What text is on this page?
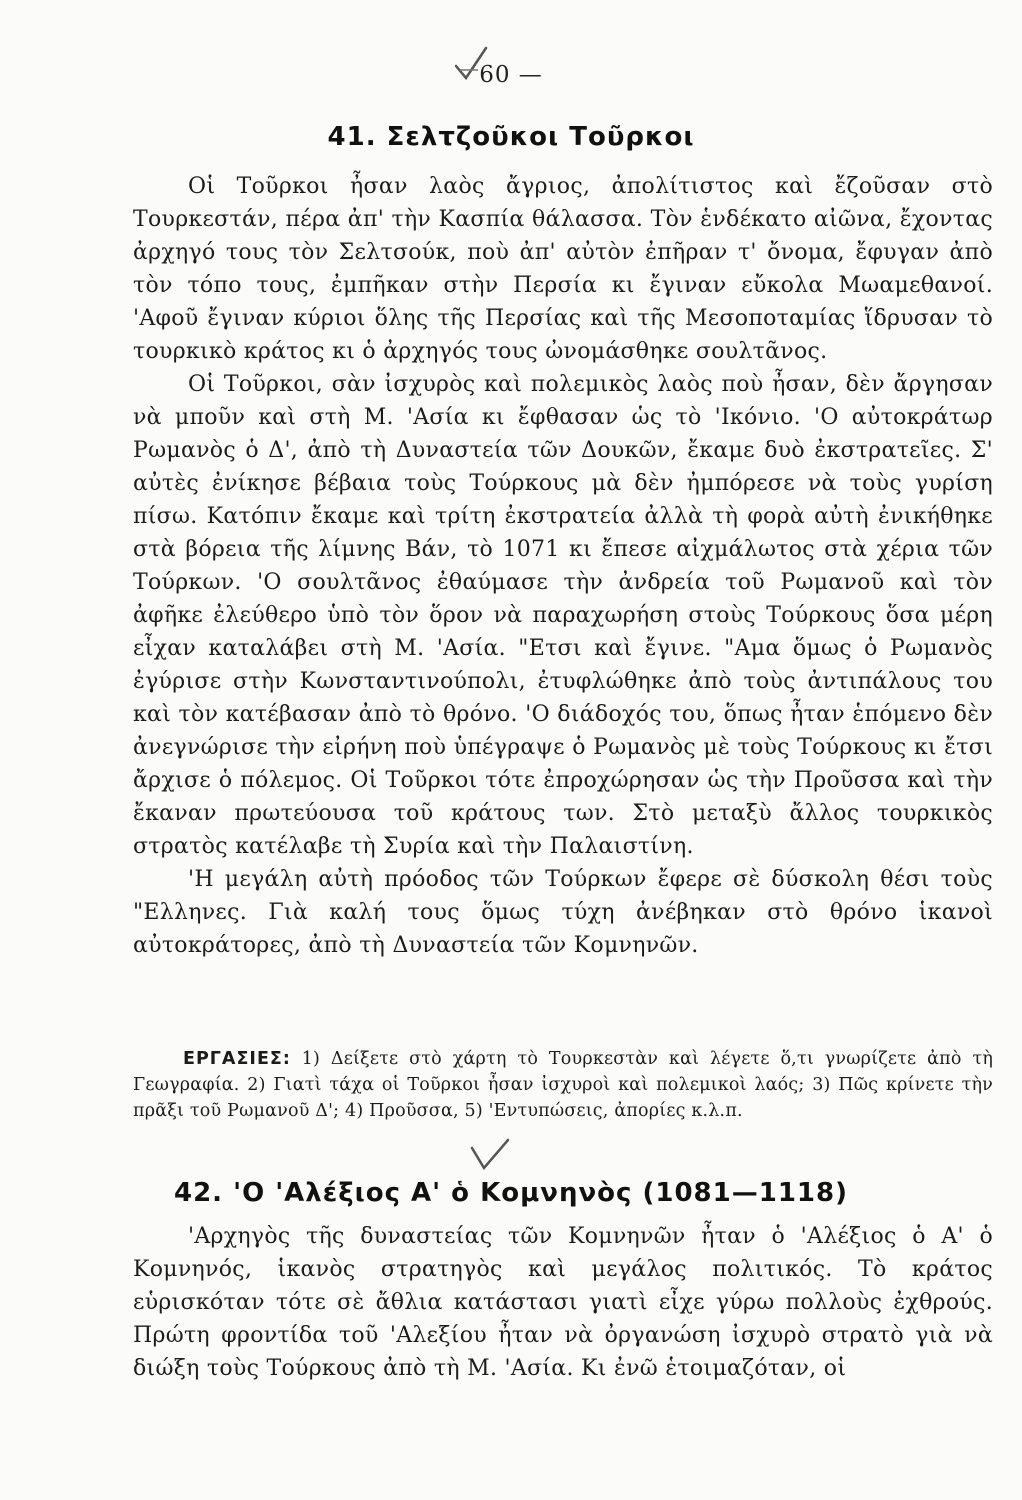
60 —
41. Σελτζοῦκοι Τοῦρκοι

Οἱ Τοῦρκοι ἦσαν λαὸς ἄγριος, ἀπολίτιστος καὶ ἔζοῦσαν στὸ Τουρκεστάν, πέρα ἀπ' τὴν Κασπία θάλασσα. Τὸν ἑνδέκατο αἰῶνα, ἔχοντας ἀρχηγό τους τὸν Σελτσούκ, ποὺ ἀπ' αὐτὸν ἐπῆραν τ' ὄνομα, ἔφυγαν ἀπὸ τὸν τόπο τους, ἐμπῆκαν στὴν Περσία κι ἔγιναν εὔκολα Μωαμεθανοί. 'Αφοῦ ἔγιναν κύριοι ὅλης τῆς Περσίας καὶ τῆς Μεσοποταμίας ἵδρυσαν τὸ τουρκικὸ κράτος κι ὁ ἀρχηγός τους ὠνομάσθηκε σουλτᾶνος.

Οἱ Τοῦρκοι, σὰν ἰσχυρὸς καὶ πολεμικὸς λαὸς ποὺ ἦσαν, δὲν ἄργησαν νὰ μποῦν καὶ στὴ Μ. 'Ασία κι ἔφθασαν ὡς τὸ 'Ικόνιο. 'Ο αὐτοκράτωρ Ρωμανὸς ὁ Δ', ἀπὸ τὴ Δυναστεία τῶν Δουκῶν, ἔκαμε δυὸ ἐκστρατεῖες. Σ' αὐτὲς ἐνίκησε βέβαια τοὺς Τούρκους μὰ δὲν ἠμπόρεσε νὰ τοὺς γυρίση πίσω. Κατόπιν ἔκαμε καὶ τρίτη ἐκστρατεία ἀλλὰ τὴ φορὰ αὐτὴ ἐνικήθηκε στὰ βόρεια τῆς λίμνης Βάν, τὸ 1071 κι ἔπεσε αἰχμάλωτος στὰ χέρια τῶν Τούρκων. 'Ο σουλτᾶνος ἐθαύμασε τὴν ἀνδρεία τοῦ Ρωμανοῦ καὶ τὸν ἀφῆκε ἐλεύθερο ὑπὸ τὸν ὅρον νὰ παραχωρήση στοὺς Τούρκους ὅσα μέρη εἶχαν καταλάβει στὴ Μ. 'Ασία. "Ετσι καὶ ἔγινε. "Αμα ὅμως ὁ Ρωμανὸς ἐγύρισε στὴν Κωνσταντινούπολι, ἐτυφλώθηκε ἀπὸ τοὺς ἀντιπάλους του καὶ τὸν κατέβασαν ἀπὸ τὸ θρόνο. 'Ο διάδοχός του, ὅπως ἦταν ἑπόμενο δὲν ἀνεγνώρισε τὴν εἰρήνη ποὺ ὑπέγραψε ὁ Ρωμανὸς μὲ τοὺς Τούρκους κι ἔτσι ἄρχισε ὁ πόλεμος. Οἱ Τοῦρκοι τότε ἐπροχώρησαν ὡς τὴν Προῦσσα καὶ τὴν ἔκαναν πρωτεύουσα τοῦ κράτους των. Στὸ μεταξὺ ἄλλος τουρκικὸς στρατὸς κατέλαβε τὴ Συρία καὶ τὴν Παλαιστίνη.

'Η μεγάλη αὐτὴ πρόοδος τῶν Τούρκων ἔφερε σὲ δύσκολη θέσι τοὺς "Ελληνες. Γιὰ καλή τους ὅμως τύχη ἀνέβηκαν στὸ θρόνο ἱκανοὶ αὐτοκράτορες, ἀπὸ τὴ Δυναστεία τῶν Κομνηνῶν.

ΕΡΓΑΣΙΕΣ: 1) Δείξετε στὸ χάρτη τὸ Τουρκεστὰν καὶ λέγετε ὅ,τι γνωρίζετε ἀπὸ τὴ Γεωγραφία. 2) Γιατὶ τάχα οἱ Τοῦρκοι ἦσαν ἰσχυροὶ καὶ πολεμικοὶ λαός; 3) Πῶς κρίνετε τὴν πρᾶξι τοῦ Ρωμανοῦ Δ'; 4) Προῦσσα, 5) 'Εντυπώσεις, ἀπορίες κ.λ.π.

42. 'Ο 'Αλέξιος Α' ὁ Κομνηνὸς (1081—1118)

'Αρχηγὸς τῆς δυναστείας τῶν Κομνηνῶν ἦταν ὁ 'Αλέξιος ὁ Α' ὁ Κομνηνός, ἱκανὸς στρατηγὸς καὶ μεγάλος πολιτικός. Τὸ κράτος εὑρισκόταν τότε σὲ ἄθλια κατάστασι γιατὶ εἶχε γύρω πολλοὺς ἐχθρούς. Πρώτη φροντίδα τοῦ 'Αλεξίου ἦταν νὰ ὀργανώση ἰσχυρὸ στρατὸ γιὰ νὰ διώξη τοὺς Τούρκους ἀπὸ τὴ Μ. 'Ασία. Κι ἐνῶ ἑτοιμαζόταν, οἱ
